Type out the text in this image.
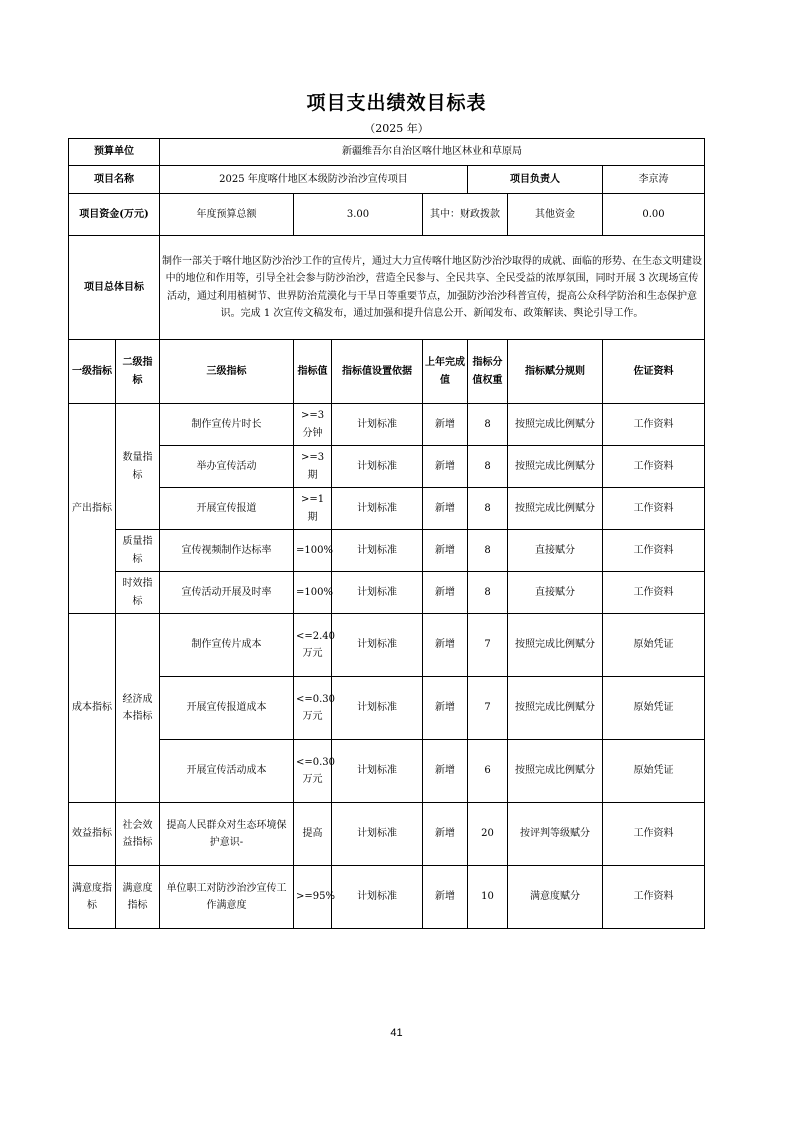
项目支出绩效目标表
（2025 年）
预算单位		新疆维吾尔自治区喀什地区林业和草原局						
项目名称		2025 年度喀什地区本级防沙治沙宣传项目				项目负责人		李京涛
项目资金(万元)		年度预算总额	3.00		其中：财政拨款		其他资金	0.00
项目总体目标		制作一部关于喀什地区防沙治沙工作的宣传片，通过大力宣传喀什地区防沙治沙取得的成就、面临的形势、在生态文明建设中的地位和作用等，引导全社会参与防沙治沙，营造全民参与、全民共享、全民受益的浓厚氛围，同时开展 3 次现场宣传活动，通过利用植树节、世界防治荒漠化与干旱日等重要节点，加强防沙治沙科普宣传，提高公众科学防治和生态保护意识。完成 1 次宣传文稿发布，通过加强和提升信息公开、新闻发布、政策解读、舆论引导工作。						
一级指标	二级指标	三级指标	指标值	指标值设置依据	上年完成值	指标分值权重	指标赋分规则	佐证资料
产出指标	数量指标	制作宣传片时长	>=3分钟	计划标准	新增	8	按照完成比例赋分	工作资料
		举办宣传活动	>=3期	计划标准	新增	8	按照完成比例赋分	工作资料
		开展宣传报道	>=1期	计划标准	新增	8	按照完成比例赋分	工作资料
	质量指标	宣传视频制作达标率	=100%	计划标准	新增	8	直接赋分	工作资料
	时效指标	宣传活动开展及时率	=100%	计划标准	新增	8	直接赋分	工作资料
成本指标	经济成本指标	制作宣传片成本	<=2.40万元	计划标准	新增	7	按照完成比例赋分	原始凭证
		开展宣传报道成本	<=0.30万元	计划标准	新增	7	按照完成比例赋分	原始凭证
		开展宣传活动成本	<=0.30万元	计划标准	新增	6	按照完成比例赋分	原始凭证
效益指标	社会效益指标	提高人民群众对生态环境保护意识-	提高	计划标准	新增	20	按评判等级赋分	工作资料
满意度指标	满意度指标	单位职工对防沙治沙宣传工作满意度	>=95%	计划标准	新增	10	满意度赋分	工作资料
41
